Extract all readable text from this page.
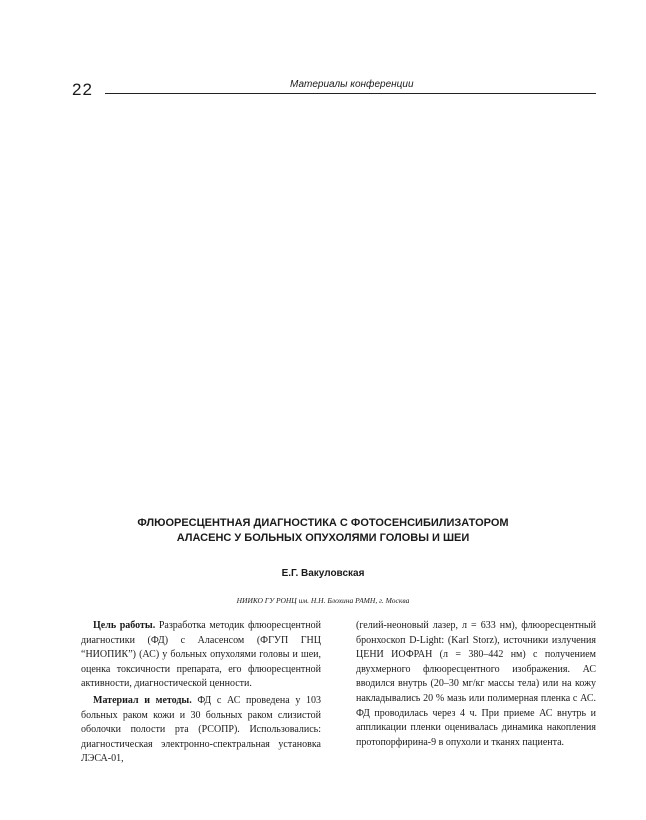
22	Материалы конференции
ФЛЮОРЕСЦЕНТНАЯ ДИАГНОСТИКА С ФОТОСЕНСИБИЛИЗАТОРОМ
АЛАСЕНС У БОЛЬНЫХ ОПУХОЛЯМИ ГОЛОВЫ И ШЕИ
Е.Г. Вакуловская
НИИКО ГУ РОНЦ им. Н.Н. Блохина РАМН, г. Москва

Цель работы. Разработка методик флюоресцентной диагностики (ФД) с Аласенсом (ФГУП ГНЦ “НИОПИК”) (АС) у больных опухолями головы и шеи, оценка токсичности препарата, его флюоресцентной активности, диагностической ценности.

Материал и методы. ФД с АС проведена у 103 больных раком кожи и 30 больных раком слизистой оболочки полости рта (РСОПР). Использовались: диагностическая электронно-спектральная установка ЛЭСА-01,

(гелий-неоновый лазер, л = 633 нм), флюоресцентный бронхоскоп D-Light: (Karl Storz), источники излучения ЦЕНИ ИОФРАН (л = 380–442 нм) с получением двухмерного флюоресцентного изображения. АС вводился внутрь (20–30 мг/кг массы тела) или на кожу накладывались 20 % мазь или полимерная пленка с АС. ФД проводилась через 4 ч. При приеме АС внутрь и аппликации пленки оценивалась динамика накопления протопорфирина-9 в опухоли и тканях пациента.
